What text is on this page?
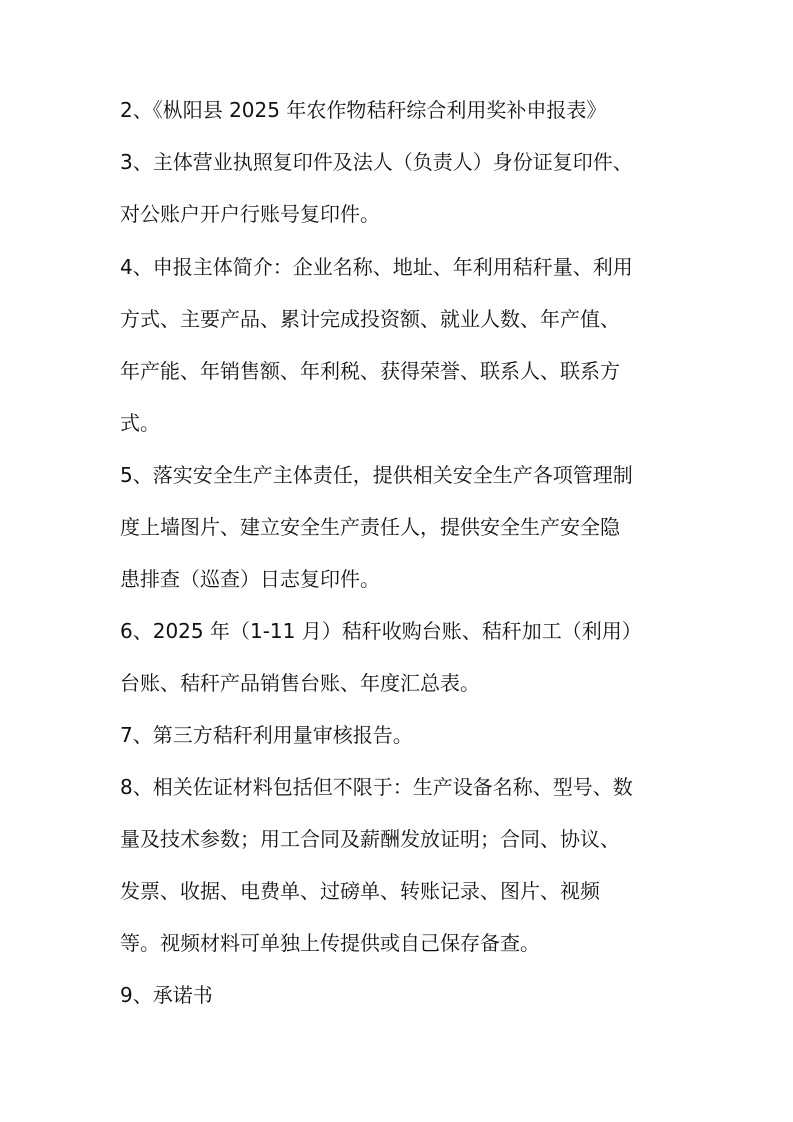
2、《枞阳县 2025 年农作物秸秆综合利用奖补申报表》
3、主体营业执照复印件及法人（负责人）身份证复印件、
对公账户开户行账号复印件。
4、申报主体简介：企业名称、地址、年利用秸秆量、利用
方式、主要产品、累计完成投资额、就业人数、年产值、
年产能、年销售额、年利税、获得荣誉、联系人、联系方
式。
5、落实安全生产主体责任，提供相关安全生产各项管理制
度上墙图片、建立安全生产责任人，提供安全生产安全隐
患排查（巡查）日志复印件。
6、2025 年（1-11 月）秸秆收购台账、秸秆加工（利用）
台账、秸秆产品销售台账、年度汇总表。
7、第三方秸秆利用量审核报告。
8、相关佐证材料包括但不限于：生产设备名称、型号、数
量及技术参数；用工合同及薪酬发放证明；合同、协议、
发票、收据、电费单、过磅单、转账记录、图片、视频
等。视频材料可单独上传提供或自己保存备查。
9、承诺书
